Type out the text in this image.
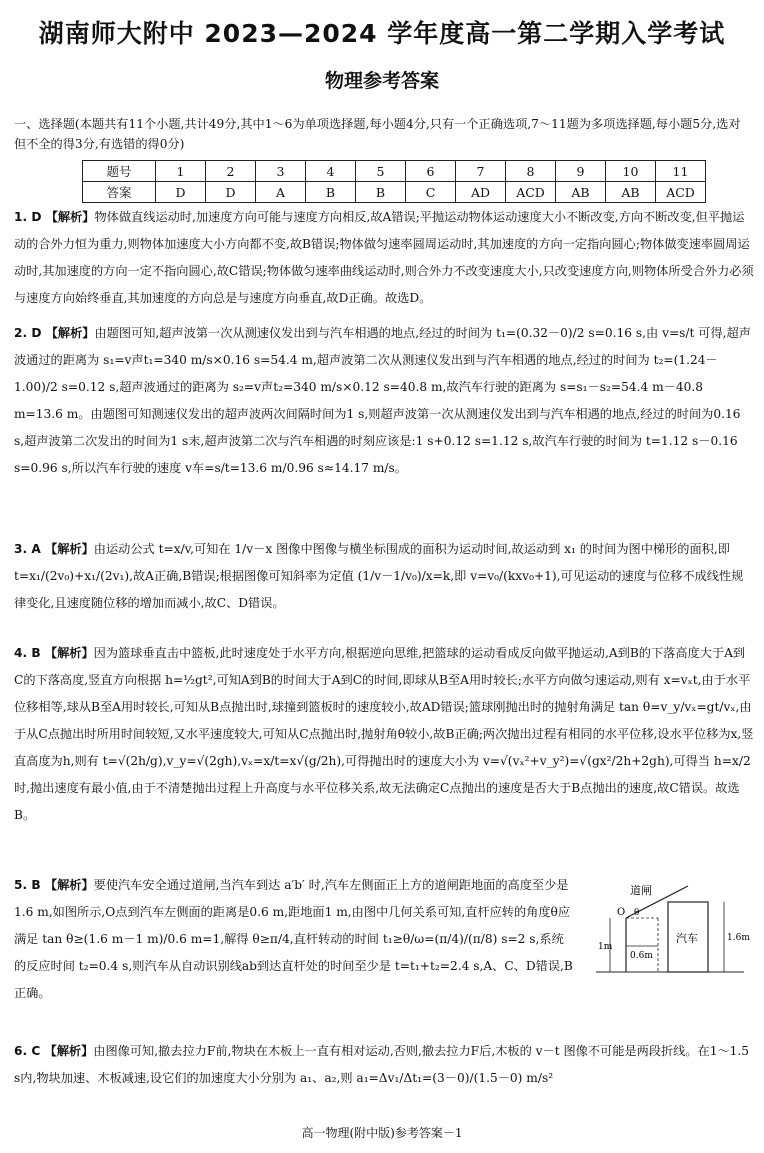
湖南师大附中 2023—2024 学年度高一第二学期入学考试
物理参考答案
一、选择题(本题共有11个小题,共计49分,其中1～6为单项选择题,每小题4分,只有一个正确选项,7～11题为多项选择题,每小题5分,选对但不全的得3分,有选错的得0分)
题号	1	2	3	4	5	6	7	8	9	10	11
答案	D	D	A	B	B	C	AD	ACD	AB	AB	ACD
1. D 【解析】物体做直线运动时,加速度方向可能与速度方向相反,故A错误;平抛运动物体运动速度大小不断改变,方向不断改变,但平抛运动的合外力恒为重力,则物体加速度大小方向都不变,故B错误;物体做匀速率圆周运动时,其加速度的方向一定指向圆心;物体做变速率圆周运动时,其加速度的方向一定不指向圆心,故C错误;物体做匀速率曲线运动时,则合外力不改变速度大小,只改变速度方向,则物体所受合外力必须与速度方向始终垂直,其加速度的方向总是与速度方向垂直,故D正确。故选D。
2. D 【解析】由题图可知,超声波第一次从测速仪发出到与汽车相遇的地点,经过的时间为 t₁=(0.32－0)/2 s=0.16 s,由 v=s/t 可得,超声波通过的距离为 s₁=v声t₁=340 m/s×0.16 s=54.4 m,超声波第二次从测速仪发出到与汽车相遇的地点,经过的时间为 t₂=(1.24－1.00)/2 s=0.12 s,超声波通过的距离为 s₂=v声t₂=340 m/s×0.12 s=40.8 m,故汽车行驶的距离为 s=s₁－s₂=54.4 m－40.8 m=13.6 m。由题图可知测速仪发出的超声波两次间隔时间为1 s,则超声波第一次从测速仪发出到与汽车相遇的地点,经过的时间为0.16 s,超声波第二次发出的时间为1 s末,超声波第二次与汽车相遇的时刻应该是:1 s+0.12 s=1.12 s,故汽车行驶的时间为 t=1.12 s－0.16 s=0.96 s,所以汽车行驶的速度 v车=s/t=13.6 m/0.96 s≈14.17 m/s。
3. A 【解析】由运动公式 t=x/v,可知在 1/v－x 图像中图像与横坐标围成的面积为运动时间,故运动到 x₁ 的时间为图中梯形的面积,即 t=x₁/(2v₀)+x₁/(2v₁),故A正确,B错误;根据图像可知斜率为定值 (1/v－1/v₀)/x=k,即 v=v₀/(kxv₀+1),可见运动的速度与位移不成线性规律变化,且速度随位移的增加而减小,故C、D错误。
4. B 【解析】因为篮球垂直击中篮板,此时速度处于水平方向,根据逆向思维,把篮球的运动看成反向做平抛运动,A到B的下落高度大于A到C的下落高度,竖直方向根据 h=½gt²,可知A到B的时间大于A到C的时间,即球从B至A用时较长;水平方向做匀速运动,则有 x=vₓt,由于水平位移相等,球从B至A用时较长,可知从B点抛出时,球撞到篮板时的速度较小,故AD错误;篮球刚抛出时的抛射角满足 tan θ=v_y/vₓ=gt/vₓ,由于从C点抛出时所用时间较短,又水平速度较大,可知从C点抛出时,抛射角θ较小,故B正确;两次抛出过程有相同的水平位移,设水平位移为x,竖直高度为h,则有 t=√(2h/g),v_y=√(2gh),vₓ=x/t=x√(g/2h),可得抛出时的速度大小为 v=√(vₓ²+v_y²)=√(gx²/2h+2gh),可得当 h=x/2 时,抛出速度有最小值,由于不清楚抛出过程上升高度与水平位移关系,故无法确定C点抛出的速度是否大于B点抛出的速度,故C错误。故选B。
5. B 【解析】要使汽车安全通过道闸,当汽车到达 a′b′ 时,汽车左侧面正上方的道闸距地面的高度至少是1.6 m,如图所示,O点到汽车左侧面的距离是0.6 m,距地面1 m,由图中几何关系可知,直杆应转的角度θ应满足 tan θ≥(1.6 m－1 m)/0.6 m=1,解得 θ≥π/4,直杆转动的时间 t₁≥θ/ω=(π/4)/(π/8) s=2 s,系统的反应时间 t₂=0.4 s,则汽车从自动识别线ab到达直杆处的时间至少是 t=t₁+t₂=2.4 s,A、C、D错误,B正确。
6. C 【解析】由图像可知,撤去拉力F前,物块在木板上一直有相对运动,否则,撤去拉力F后,木板的 v－t 图像不可能是两段折线。在1～1.5 s内,物块加速、木板减速,设它们的加速度大小分别为 a₁、a₂,则 a₁=Δv₁/Δt₁=(3－0)/(1.5－0) m/s²
道闸
O θ
汽车
1m
0.6m
1.6m
高一物理(附中版)参考答案－1
